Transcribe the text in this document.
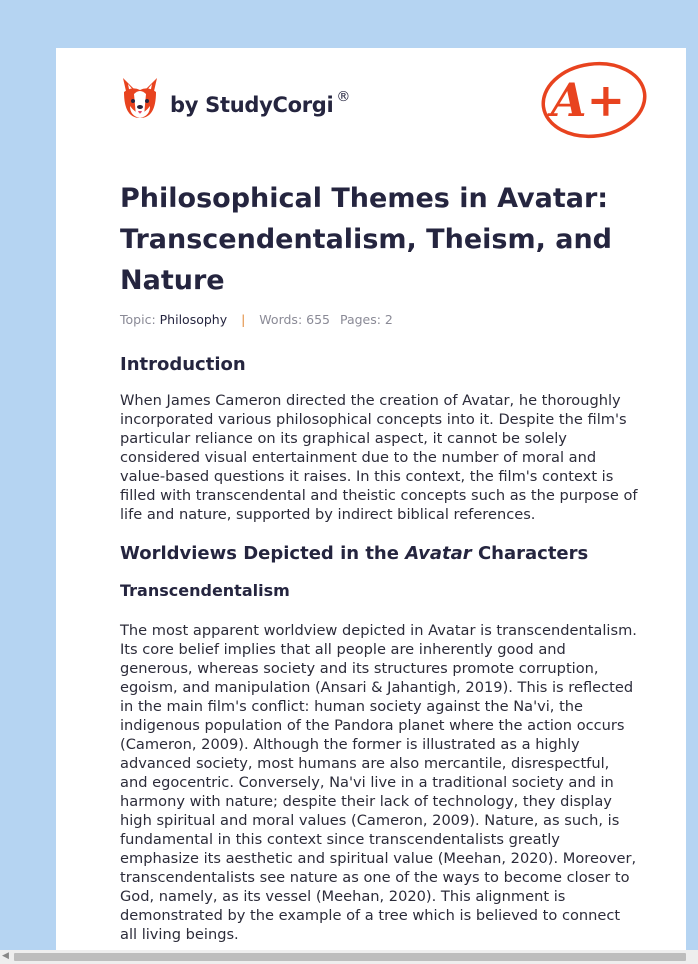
by StudyCorgi ®	A+
Philosophical Themes in Avatar: Transcendentalism, Theism, and Nature
Topic: Philosophy | Words: 655 Pages: 2
Introduction

When James Cameron directed the creation of Avatar, he thoroughly incorporated various philosophical concepts into it. Despite the film's particular reliance on its graphical aspect, it cannot be solely considered visual entertainment due to the number of moral and value-based questions it raises. In this context, the film's context is filled with transcendental and theistic concepts such as the purpose of life and nature, supported by indirect biblical references.

Worldviews Depicted in the Avatar Characters
Transcendentalism

The most apparent worldview depicted in Avatar is transcendentalism. Its core belief implies that all people are inherently good and generous, whereas society and its structures promote corruption, egoism, and manipulation (Ansari & Jahantigh, 2019). This is reflected in the main film's conflict: human society against the Na'vi, the indigenous population of the Pandora planet where the action occurs (Cameron, 2009). Although the former is illustrated as a highly advanced society, most humans are also mercantile, disrespectful, and egocentric. Conversely, Na'vi live in a traditional society and in harmony with nature; despite their lack of technology, they display high spiritual and moral values (Cameron, 2009). Nature, as such, is fundamental in this context since transcendentalists greatly emphasize its aesthetic and spiritual value (Meehan, 2020). Moreover, transcendentalists see nature as one of the ways to become closer to God, namely, as its vessel (Meehan, 2020). This alignment is demonstrated by the example of a tree which is believed to connect all living beings.

◀
